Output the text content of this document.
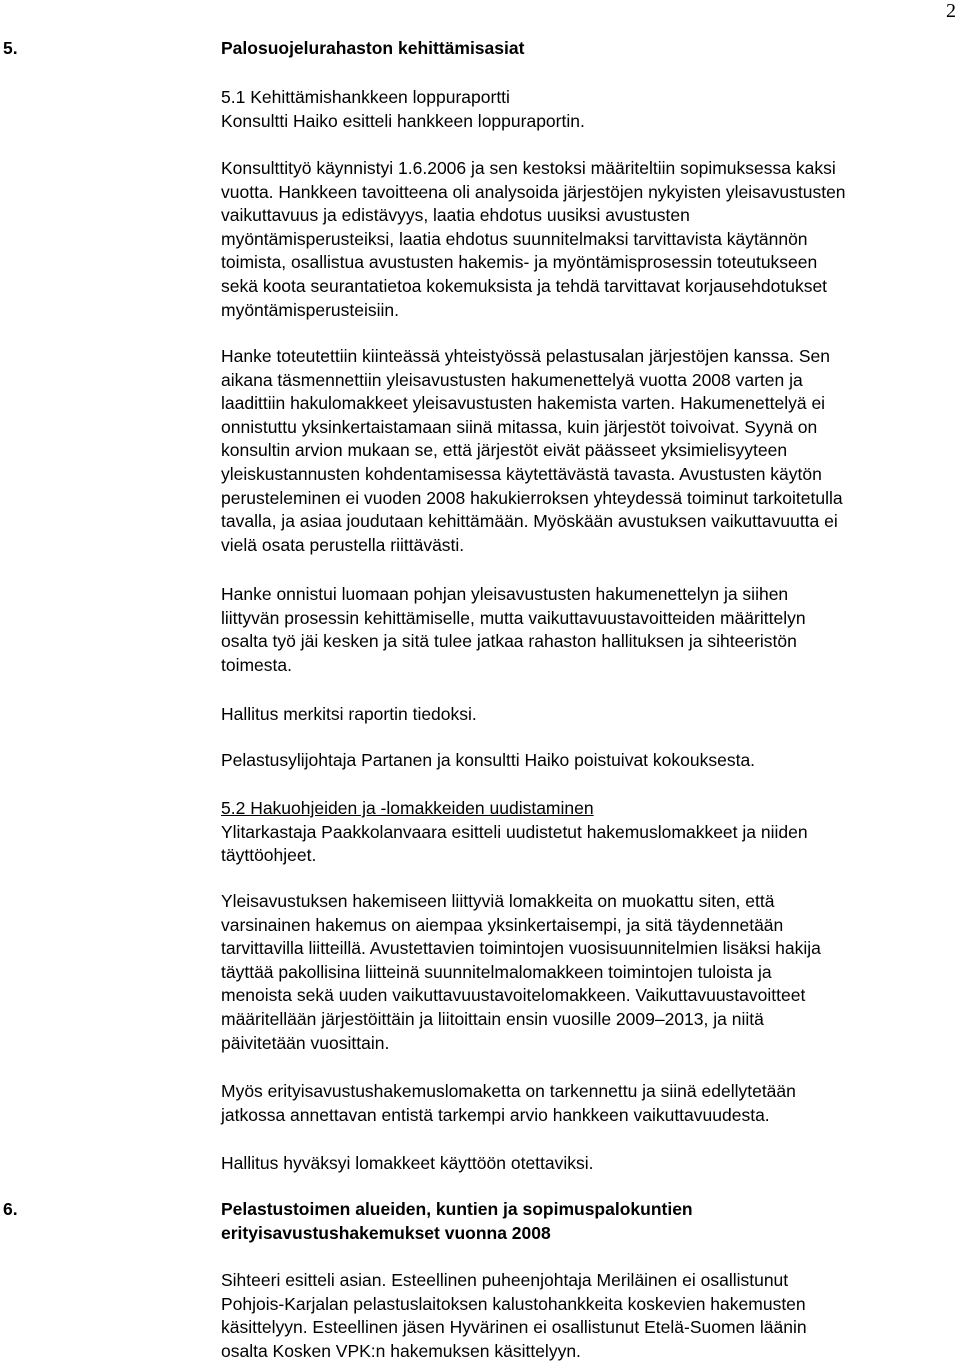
2
5.	Palosuojelurahaston kehittämisasiat

5.1 Kehittämishankkeen loppuraportti

Konsultti Haiko esitteli hankkeen loppuraportin.

Konsulttityö käynnistyi 1.6.2006 ja sen kestoksi määriteltiin sopimuksessa kaksi

vuotta. Hankkeen tavoitteena oli analysoida järjestöjen nykyisten yleisavustusten

vaikuttavuus ja edistävyys, laatia ehdotus uusiksi avustusten

myöntämisperusteiksi, laatia ehdotus suunnitelmaksi tarvittavista käytännön

toimista, osallistua avustusten hakemis- ja myöntämisprosessin toteutukseen

sekä koota seurantatietoa kokemuksista ja tehdä tarvittavat korjausehdotukset

myöntämisperusteisiin.

Hanke toteutettiin kiinteässä yhteistyössä pelastusalan järjestöjen kanssa. Sen

aikana täsmennettiin yleisavustusten hakumenettelyä vuotta 2008 varten ja

laadittiin hakulomakkeet yleisavustusten hakemista varten. Hakumenettelyä ei

onnistuttu yksinkertaistamaan siinä mitassa, kuin järjestöt toivoivat. Syynä on

konsultin arvion mukaan se, että järjestöt eivät päässeet yksimielisyyteen

yleiskustannusten kohdentamisessa käytettävästä tavasta. Avustusten käytön

perusteleminen ei vuoden 2008 hakukierroksen yhteydessä toiminut tarkoitetulla

tavalla, ja asiaa joudutaan kehittämään. Myöskään avustuksen vaikuttavuutta ei

vielä osata perustella riittävästi.

Hanke onnistui luomaan pohjan yleisavustusten hakumenettelyn ja siihen

liittyvän prosessin kehittämiselle, mutta vaikuttavuustavoitteiden määrittelyn

osalta työ jäi kesken ja sitä tulee jatkaa rahaston hallituksen ja sihteeristön

toimesta.

Hallitus merkitsi raportin tiedoksi.

Pelastusylijohtaja Partanen ja konsultti Haiko poistuivat kokouksesta.

5.2 Hakuohjeiden ja -lomakkeiden uudistaminen

Ylitarkastaja Paakkolanvaara esitteli uudistetut hakemuslomakkeet ja niiden

täyttöohjeet.

Yleisavustuksen hakemiseen liittyviä lomakkeita on muokattu siten, että

varsinainen hakemus on aiempaa yksinkertaisempi, ja sitä täydennetään

tarvittavilla liitteillä. Avustettavien toimintojen vuosisuunnitelmien lisäksi hakija

täyttää pakollisina liitteinä suunnitelmalomakkeen toimintojen tuloista ja

menoista sekä uuden vaikuttavuustavoitelomakkeen. Vaikuttavuustavoitteet

määritellään järjestöittäin ja liitoittain ensin vuosille 2009–2013, ja niitä

päivitetään vuosittain.

Myös erityisavustushakemuslomaketta on tarkennettu ja siinä edellytetään

jatkossa annettavan entistä tarkempi arvio hankkeen vaikuttavuudesta.

Hallitus hyväksyi lomakkeet käyttöön otettaviksi.

6.	Pelastustoimen alueiden, kuntien ja sopimuspalokuntien
erityisavustushakemukset vuonna 2008

Sihteeri esitteli asian. Esteellinen puheenjohtaja Meriläinen ei osallistunut

Pohjois-Karjalan pelastuslaitoksen kalustohankkeita koskevien hakemusten

käsittelyyn. Esteellinen jäsen Hyvärinen ei osallistunut Etelä-Suomen läänin

osalta Kosken VPK:n hakemuksen käsittelyyn.
